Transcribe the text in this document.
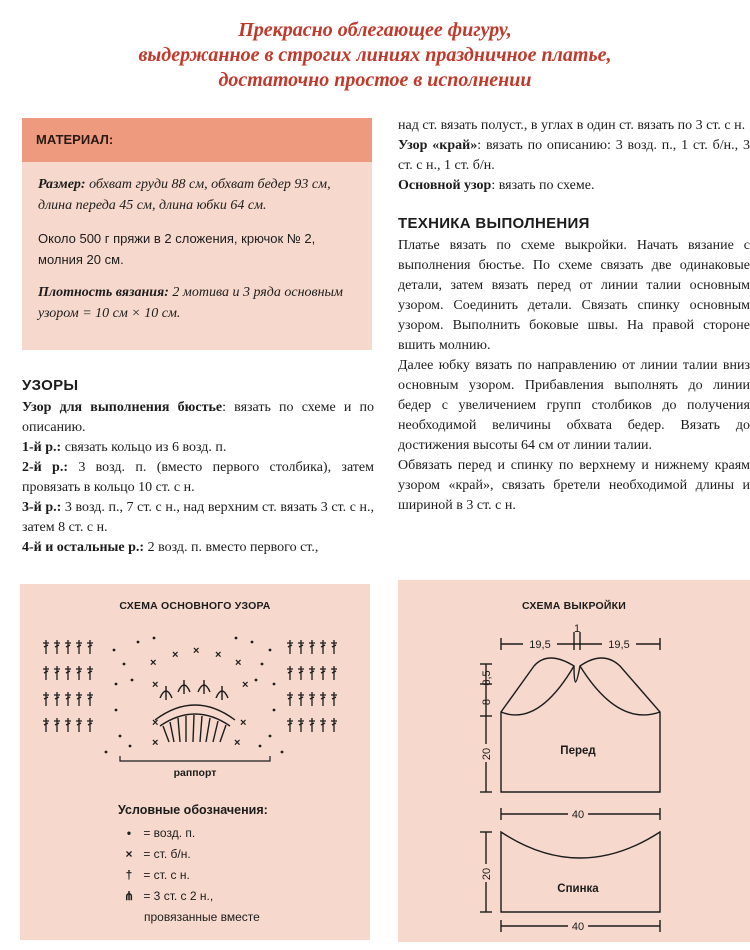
Прекрасно облегающее фигуру,
выдержанное в строгих линиях праздничное платье,
достаточно простое в исполнении
МАТЕРИАЛ:

Размер: обхват груди 88 см, обхват бедер 93 см, длина переда 45 см, длина юбки 64 см.

Около 500 г пряжи в 2 сложения, крючок № 2, молния 20 см.

Плотность вязания: 2 мотива и 3 ряда основным узором = 10 см × 10 см.

УЗОРЫ

Узор для выполнения бюстье: вязать по схеме и по описанию.

1-й р.: связать кольцо из 6 возд. п.

2-й р.: 3 возд. п. (вместо первого столбика), затем провязать в кольцо 10 ст. с н.

3-й р.: 3 возд. п., 7 ст. с н., над верхним ст. вязать 3 ст. с н., затем 8 ст. с н.

4-й и остальные р.: 2 возд. п. вместо первого ст.,

над ст. вязать полуст., в углах в один ст. вязать по 3 ст. с н.

Узор «край»: вязать по описанию: 3 возд. п., 1 ст. б/н., 3 ст. с н., 1 ст. б/н.

Основной узор: вязать по схеме.

ТЕХНИКА ВЫПОЛНЕНИЯ

Платье вязать по схеме выкройки. Начать вязание с выполнения бюстье. По схеме связать две одинаковые детали, затем вязать перед от линии талии основным узором. Соединить детали. Связать спинку основным узором. Выполнить боковые швы. На правой стороне вшить молнию.

Далее юбку вязать по направлению от линии талии вниз основным узором. Прибавления выполнять до линии бедер с увеличением групп столбиков до получения необходимой величины обхвата бедер. Вязать до достижения высоты 64 см от линии талии.

Обвязать перед и спинку по верхнему и нижнему краям узором «край», связать бретели необходимой длины и шириной в 3 ст. с н.

СХЕМА ОСНОВНОГО УЗОРА
×
× × ×
×
×	×
×	×
×	×
раппорт
Условные обозначения:
• = возд. п.
× = ст. б/н.
† = ст. с н.
⋔ = 3 ст. с 2 н.,
провязанные вместе
СХЕМА ВЫКРОЙКИ
19,5
1
19,5
8,5
8
20	Перед
40
20
Спинка
40
